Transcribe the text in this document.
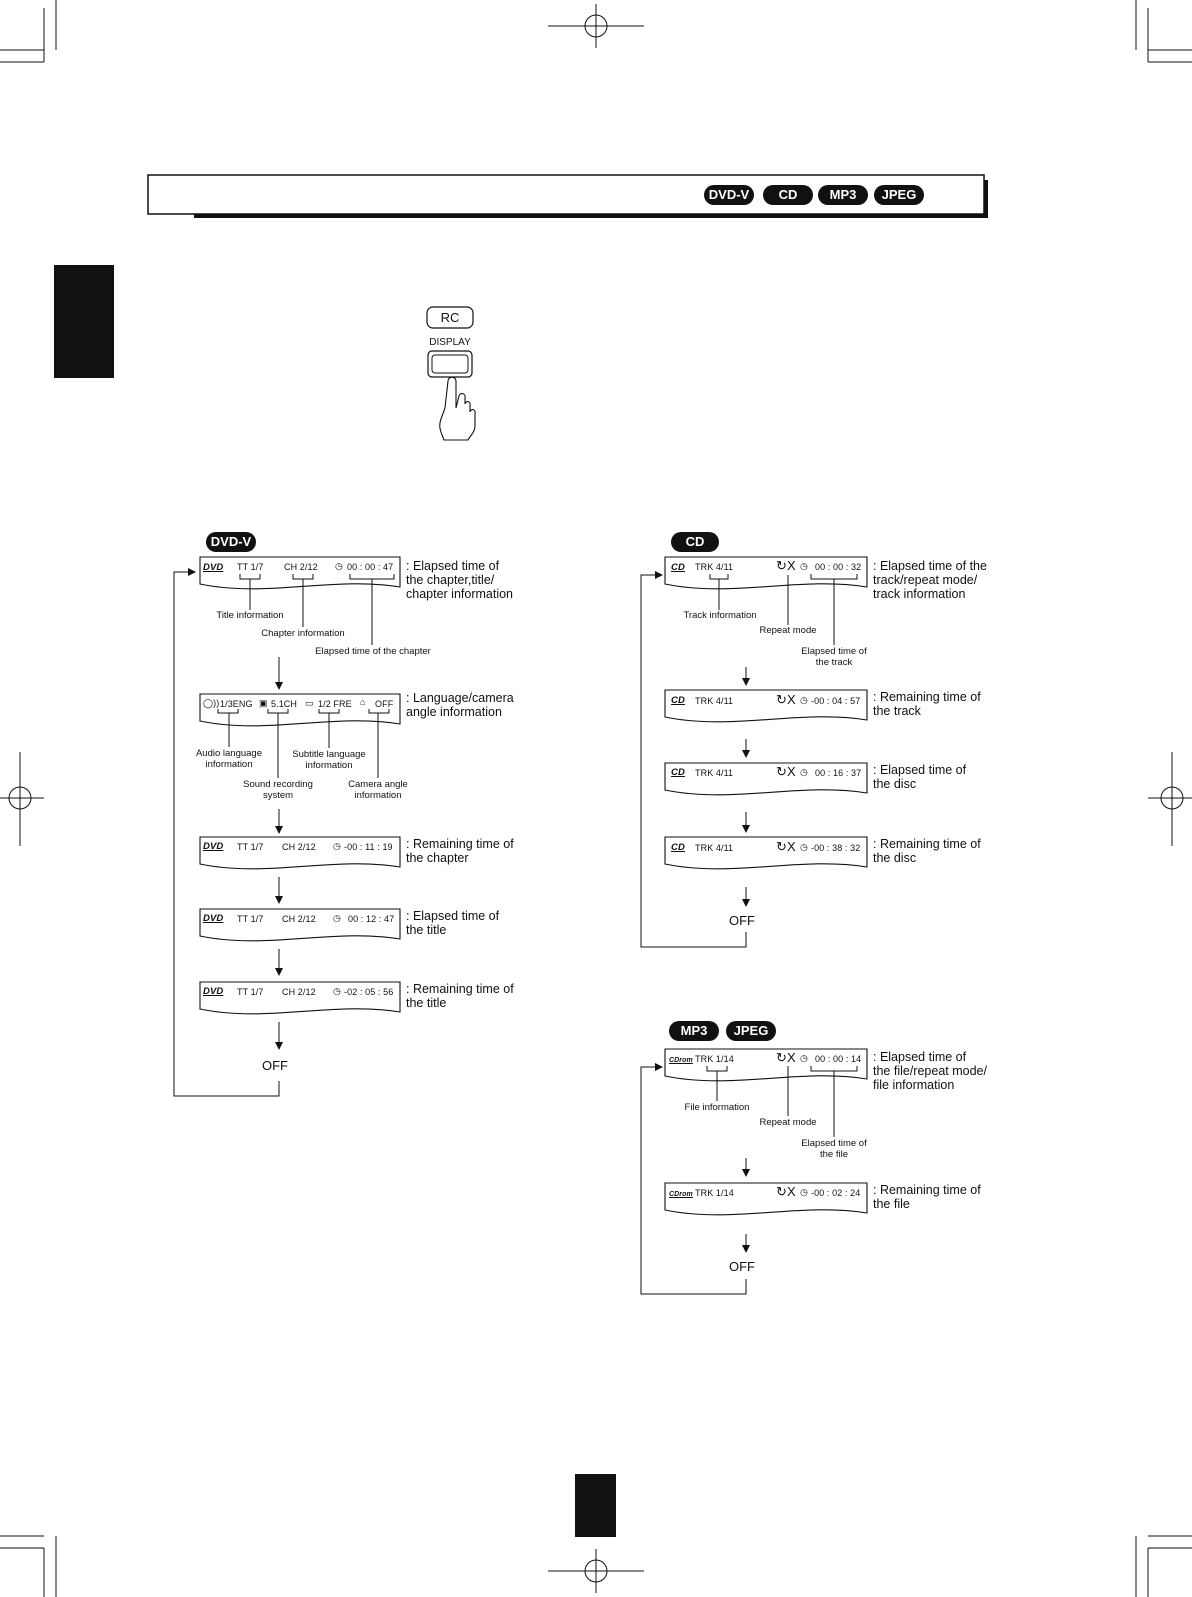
DVD-V	CD	MP3	JPEG
RC
DISPLAY
DVD-V
DVD TT 1/7 CH 2/12 ◷ 00 : 00 : 47 : Elapsed time of
the chapter,title/
chapter information
Title information
Chapter information
Elapsed time of the chapter
◯)) 1/3ENG ▣ 5.1CH ▭ 1/2 FRE ⌂ OFF : Language/camera
angle information
Audio language
information
Subtitle language
information
Sound recording
system
Camera angle
information
DVD TT 1/7 CH 2/12 ◷ -00 : 11 : 19 : Remaining time of
the chapter
DVD TT 1/7 CH 2/12 ◷ 00 : 12 : 47 : Elapsed time of
the title
DVD TT 1/7 CH 2/12 ◷ -02 : 05 : 56 : Remaining time of
the title
OFF
CD
CD TRK 4/11	↻X ◷ 00 : 00 : 32 : Elapsed time of the
track/repeat mode/
track information
Track information
Repeat mode
Elapsed time of
the track
CD TRK 4/11	↻X ◷ -00 : 04 : 57 : Remaining time of
the track
CD TRK 4/11	↻X ◷ 00 : 16 : 37 : Elapsed time of
the disc
CD TRK 4/11	↻X ◷ -00 : 38 : 32 : Remaining time of
the disc
OFF
MP3	JPEG
CDrom TRK 1/14	↻X ◷ 00 : 00 : 14 : Elapsed time of
the file/repeat mode/
file information
File information
Repeat mode
Elapsed time of
the file
CDrom TRK 1/14	↻X ◷ -00 : 02 : 24 : Remaining time of
the file
OFF
